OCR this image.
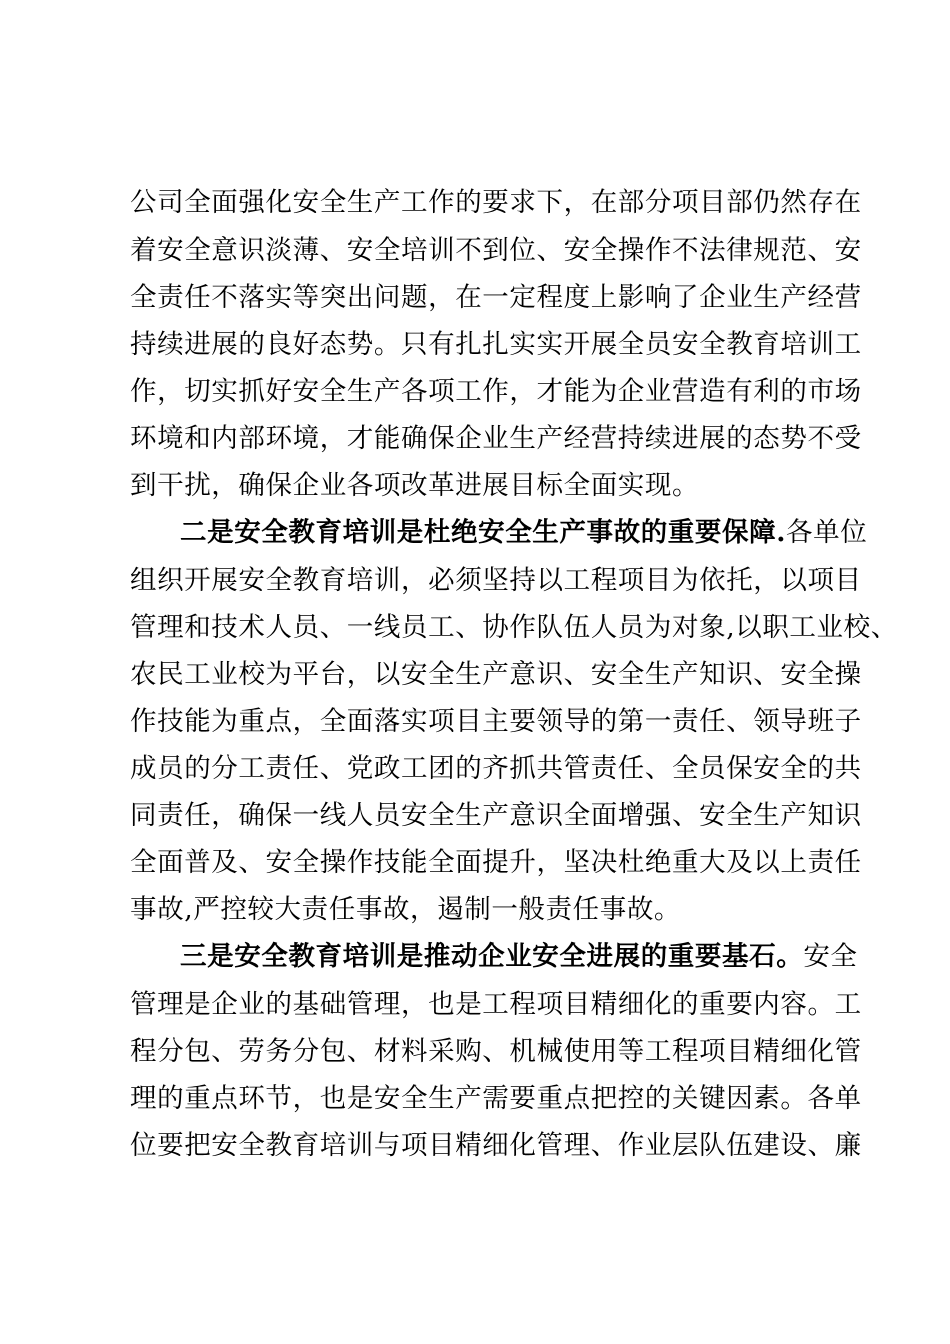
公司全面强化安全生产工作的要求下，在部分项目部仍然存在
着安全意识淡薄、安全培训不到位、安全操作不法律规范、安
全责任不落实等突出问题，在一定程度上影响了企业生产经营
持续进展的良好态势。只有扎扎实实开展全员安全教育培训工
作，切实抓好安全生产各项工作，才能为企业营造有利的市场
环境和内部环境，才能确保企业生产经营持续进展的态势不受
到干扰，确保企业各项改革进展目标全面实现。
二是安全教育培训是杜绝安全生产事故的重要保障.各单位
组织开展安全教育培训，必须坚持以工程项目为依托，以项目
管理和技术人员、一线员工、协作队伍人员为对象,以职工业校、
农民工业校为平台，以安全生产意识、安全生产知识、安全操
作技能为重点，全面落实项目主要领导的第一责任、领导班子
成员的分工责任、党政工团的齐抓共管责任、全员保安全的共
同责任，确保一线人员安全生产意识全面增强、安全生产知识
全面普及、安全操作技能全面提升，坚决杜绝重大及以上责任
事故,严控较大责任事故，遏制一般责任事故。
三是安全教育培训是推动企业安全进展的重要基石。安全
管理是企业的基础管理，也是工程项目精细化的重要内容。工
程分包、劳务分包、材料采购、机械使用等工程项目精细化管
理的重点环节，也是安全生产需要重点把控的关键因素。各单
位要把安全教育培训与项目精细化管理、作业层队伍建设、廉
